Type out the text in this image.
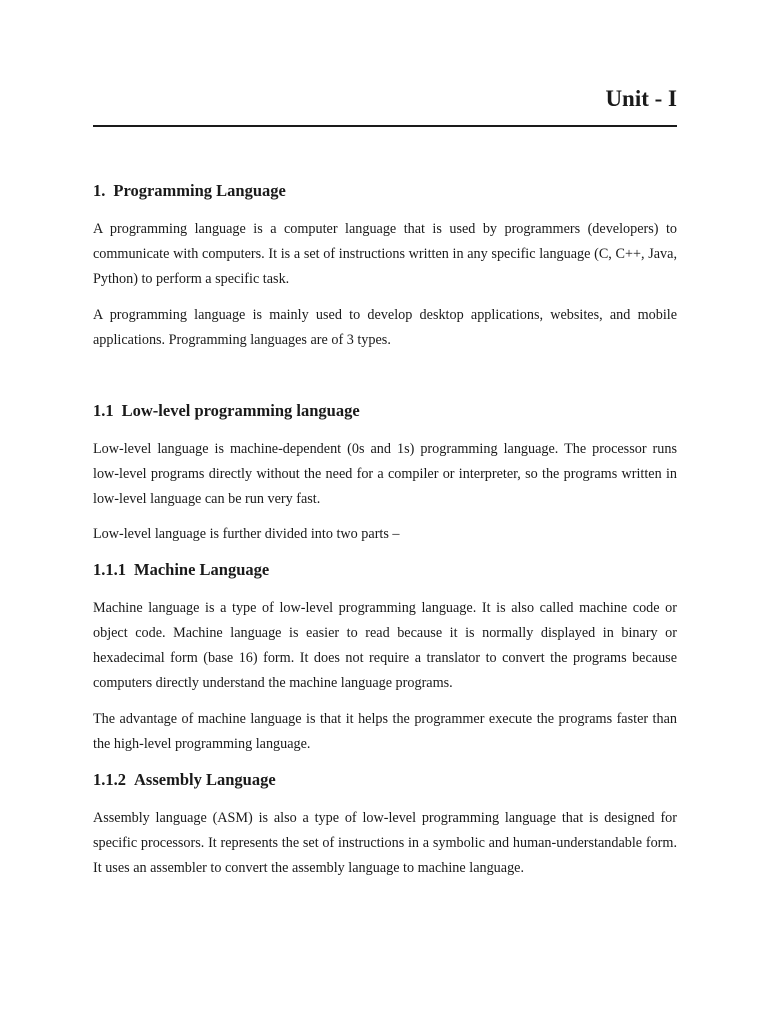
Unit - I
1. Programming Language

A programming language is a computer language that is used by programmers (developers) to communicate with computers. It is a set of instructions written in any specific language (C, C++, Java, Python) to perform a specific task.

A programming language is mainly used to develop desktop applications, websites, and mobile applications. Programming languages are of 3 types.

1.1 Low-level programming language

Low-level language is machine-dependent (0s and 1s) programming language. The processor runs low-level programs directly without the need for a compiler or interpreter, so the programs written in low-level language can be run very fast.

Low-level language is further divided into two parts –

1.1.1 Machine Language

Machine language is a type of low-level programming language. It is also called machine code or object code. Machine language is easier to read because it is normally displayed in binary or hexadecimal form (base 16) form. It does not require a translator to convert the programs because computers directly understand the machine language programs.

The advantage of machine language is that it helps the programmer execute the programs faster than the high-level programming language.

1.1.2 Assembly Language

Assembly language (ASM) is also a type of low-level programming language that is designed for specific processors. It represents the set of instructions in a symbolic and human-understandable form. It uses an assembler to convert the assembly language to machine language.
